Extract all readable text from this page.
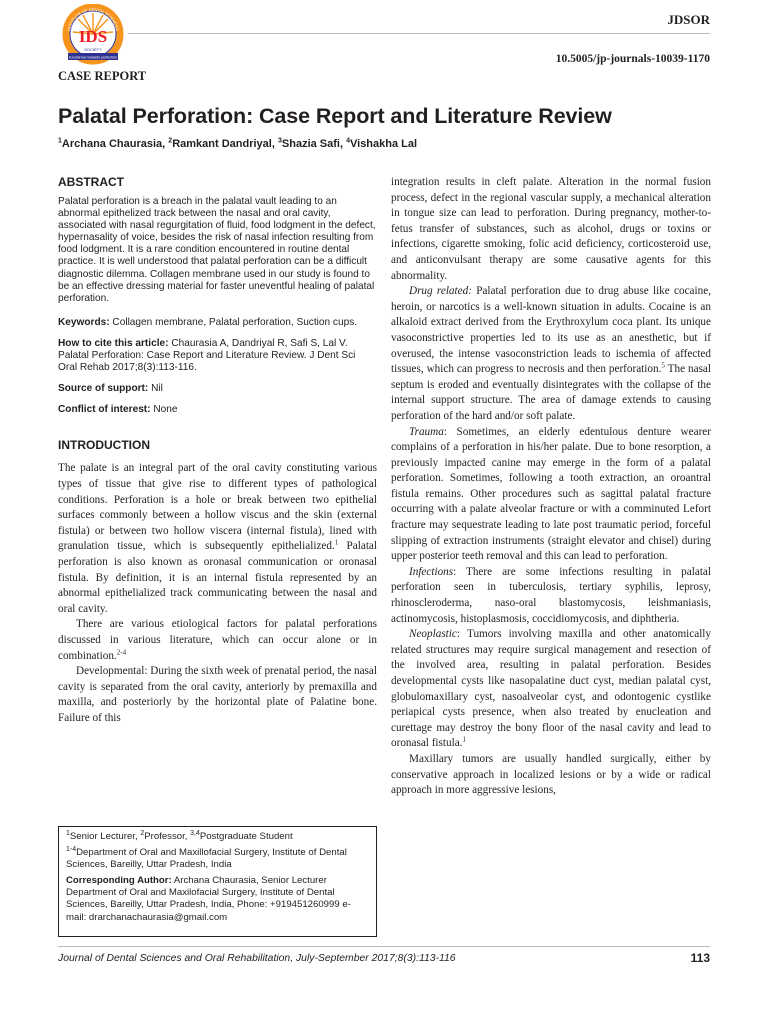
IDS
SOCIETY
Excellence towards perfection
INSTITUTE OF DENTAL SCIENCES
JDSOR
10.5005/jp-journals-10039-1170
CASE REPORT
Palatal Perforation: Case Report and Literature Review
$^1$Archana Chaurasia, $^2$Ramkant Dandriyal, $^3$Shazia Safi, $^4$Vishakha Lal
ABSTRACT

Palatal perforation is a breach in the palatal vault leading to an abnormal epithelized track between the nasal and oral cavity, associated with nasal regurgitation of fluid, food lodgment in the defect, hypernasality of voice, besides the risk of nasal infection resulting from food lodgment. It is a rare condition encountered in routine dental practice. It is well understood that palatal perforation can be a difficult diagnostic dilemma. Collagen membrane used in our study is found to be an effective dressing material for faster uneventful healing of palatal perforation.

Keywords: Collagen membrane, Palatal perforation, Suction cups.

How to cite this article: Chaurasia A, Dandriyal R, Safi S, Lal V. Palatal Perforation: Case Report and Literature Review. J Dent Sci Oral Rehab 2017;8(3):113-116.

Source of support: Nil

Conflict of interest: None

INTRODUCTION

The palate is an integral part of the oral cavity constituting various types of tissue that give rise to different types of pathological conditions. Perforation is a hole or break between two epithelial surfaces commonly between a hollow viscus and the skin (external fistula) or between two hollow viscera (internal fistula), lined with granulation tissue, which is subsequently epithelialized.$^1$ Palatal perforation is also known as oronasal communication or oronasal fistula. By definition, it is an internal fistula represented by an abnormal epithelialized track communicating between the nasal and oral cavity.

There are various etiological factors for palatal perforations discussed in various literature, which can occur alone or in combination.$^{2-4}$

Developmental: During the sixth week of prenatal period, the nasal cavity is separated from the oral cavity, anteriorly by premaxilla and maxilla, and posteriorly by the horizontal plate of Palatine bone. Failure of this

$^1$Senior Lecturer, $^2$Professor, $^{3,4}$Postgraduate Student

$^{1-4}$Department of Oral and Maxillofacial Surgery, Institute of Dental Sciences, Bareilly, Uttar Pradesh, India

Corresponding Author: Archana Chaurasia, Senior Lecturer Department of Oral and Maxilofacial Surgery, Institute of Dental Sciences, Bareilly, Uttar Pradesh, India, Phone: +919451260999 e-mail: drarchanachaurasia@gmail.com

integration results in cleft palate. Alteration in the normal fusion process, defect in the regional vascular supply, a mechanical alteration in tongue size can lead to perforation. During pregnancy, mother-to-fetus transfer of substances, such as alcohol, drugs or toxins or infections, cigarette smoking, folic acid deficiency, corticosteroid use, and anticonvulsant therapy are some causative agents for this abnormality.

Drug related: Palatal perforation due to drug abuse like cocaine, heroin, or narcotics is a well-known situation in adults. Cocaine is an alkaloid extract derived from the Erythroxylum coca plant. Its unique vasoconstrictive properties led to its use as an anesthetic, but if overused, the intense vasoconstriction leads to ischemia of affected tissues, which can progress to necrosis and then perforation.$^5$ The nasal septum is eroded and eventually disintegrates with the collapse of the internal support structure. The area of damage extends to causing perforation of the hard and/or soft palate.

Trauma: Sometimes, an elderly edentulous denture wearer complains of a perforation in his/her palate. Due to bone resorption, a previously impacted canine may emerge in the form of a palatal perforation. Sometimes, following a tooth extraction, an oroantral fistula remains. Other procedures such as sagittal palatal fracture occurring with a palate alveolar fracture or with a comminuted Lefort fracture may sequestrate leading to late post traumatic period, forceful slipping of extraction instruments (straight elevator and chisel) during upper posterior teeth removal and this can lead to perforation.

Infections: There are some infections resulting in palatal perforation seen in tuberculosis, tertiary syphilis, leprosy, rhinoscleroderma, naso-oral blastomycosis, leishmaniasis, actinomycosis, histoplasmosis, coccidiomycosis, and diphtheria.

Neoplastic: Tumors involving maxilla and other anatomically related structures may require surgical management and resection of the involved area, resulting in palatal perforation. Besides developmental cysts like nasopalatine duct cyst, median palatal cyst, globulomaxillary cyst, nasoalveolar cyst, and odontogenic cystlike periapical cysts presence, when also treated by enucleation and curettage may destroy the bony floor of the nasal cavity and lead to oronasal fistula.$^1$

Maxillary tumors are usually handled surgically, either by conservative approach in localized lesions or by a wide or radical approach in more aggressive lesions,

Journal of Dental Sciences and Oral Rehabilitation, July-September 2017;8(3):113-116	113
